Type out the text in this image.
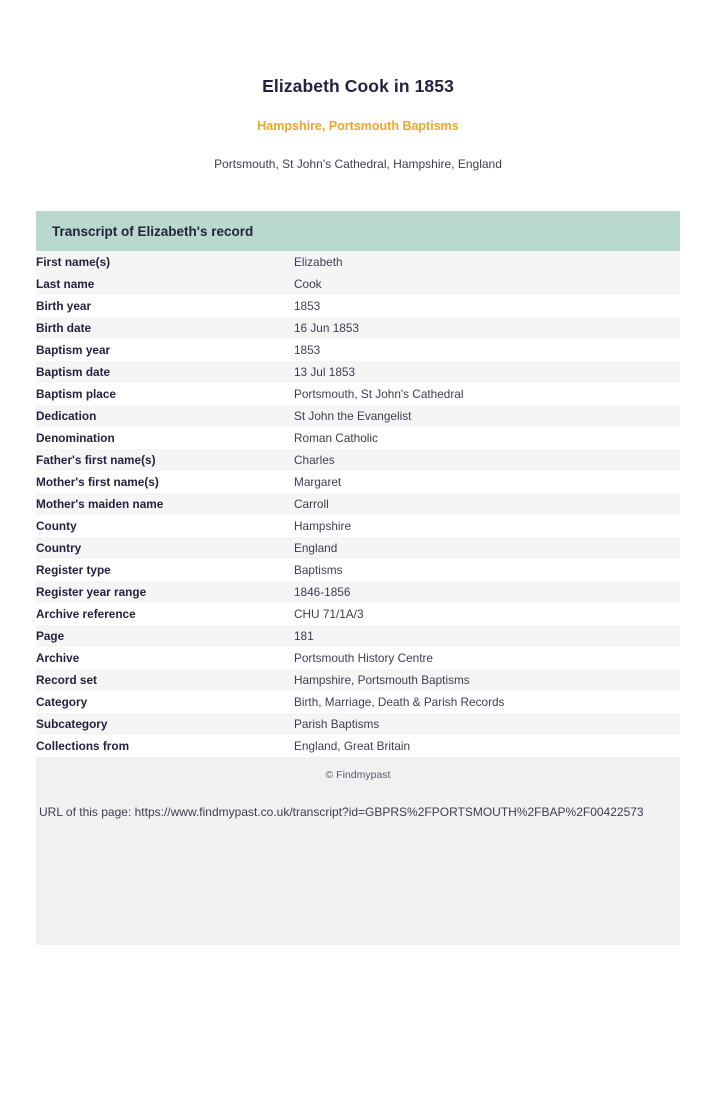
Elizabeth Cook in 1853
Hampshire, Portsmouth Baptisms
Portsmouth, St John's Cathedral, Hampshire, England
Transcript of Elizabeth's record
First name(s)	Elizabeth
Last name	Cook
Birth year	1853
Birth date	16 Jun 1853
Baptism year	1853
Baptism date	13 Jul 1853
Baptism place	Portsmouth, St John's Cathedral
Dedication	St John the Evangelist
Denomination	Roman Catholic
Father's first name(s)	Charles
Mother's first name(s)	Margaret
Mother's maiden name	Carroll
County	Hampshire
Country	England
Register type	Baptisms
Register year range	1846-1856
Archive reference	CHU 71/1A/3
Page	181
Archive	Portsmouth History Centre
Record set	Hampshire, Portsmouth Baptisms
Category	Birth, Marriage, Death & Parish Records
Subcategory	Parish Baptisms
Collections from	England, Great Britain
© Findmypast
URL of this page: https://www.findmypast.co.uk/transcript?id=GBPRS%2FPORTSMOUTH%2FBAP%2F00422573
